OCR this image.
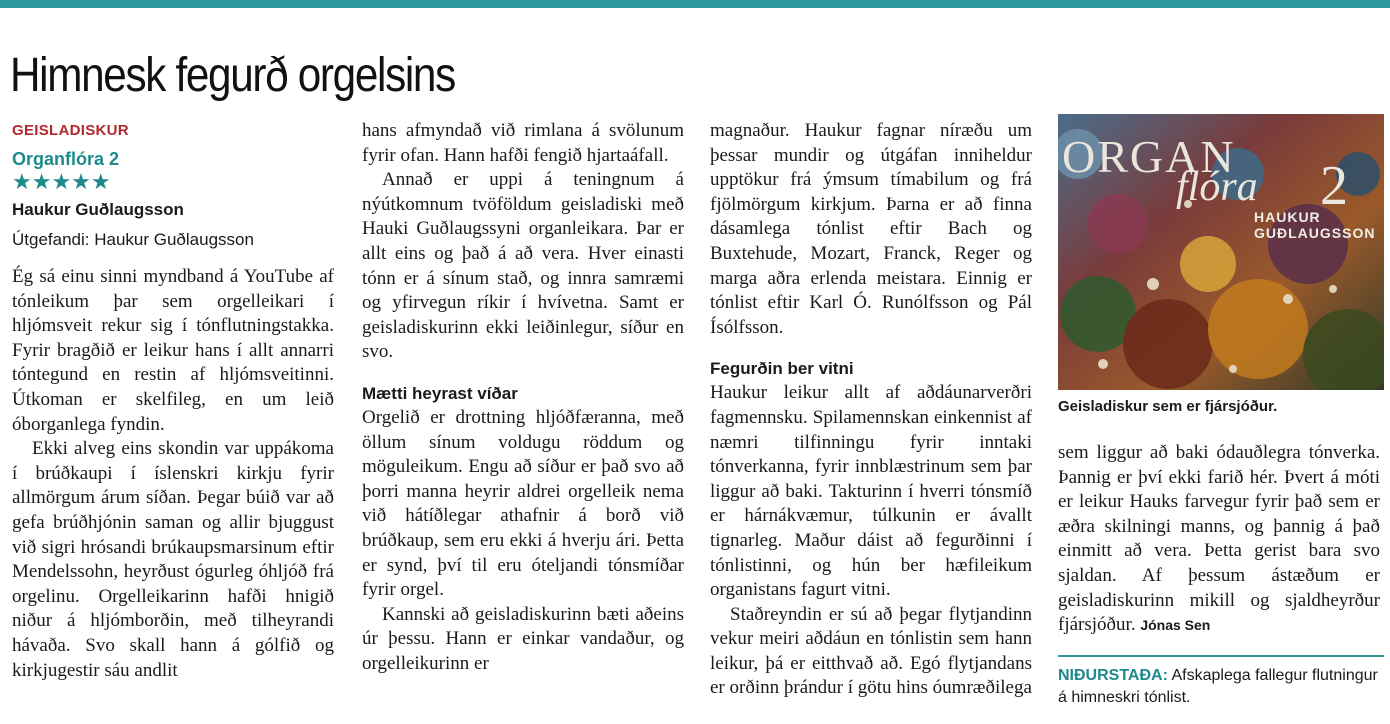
Himnesk fegurð orgelsins
GEISLADISKUR
Organflóra 2
★★★★★
Haukur Guðlaugsson
Útgefandi: Haukur Guðlaugsson

Ég sá einu sinni myndband á YouTube af tónleikum þar sem orgelleikari í hljómsveit rekur sig í tónflutningstakka. Fyrir bragðið er leikur hans í allt annarri tóntegund en restin af hljómsveitinni. Útkoman er skelfileg, en um leið óborganlega fyndin.

Ekki alveg eins skondin var uppákoma í brúðkaupi í íslenskri kirkju fyrir allmörgum árum síðan. Þegar búið var að gefa brúðhjónin saman og allir bjuggust við sigri hrósandi brúkaupsmarsinum eftir Mendelssohn, heyrðust ógurleg óhljóð frá orgelinu. Orgelleikarinn hafði hnigið niður á hljómborðin, með tilheyrandi hávaða. Svo skall hann á gólfið og kirkjugestir sáu andlit

hans afmyndað við rimlana á svölunum fyrir ofan. Hann hafði fengið hjartaáfall.

Annað er uppi á teningnum á nýútkomnum tvöföldum geisladiski með Hauki Guðlaugssyni organleikara. Þar er allt eins og það á að vera. Hver einasti tónn er á sínum stað, og innra samræmi og yfirvegun ríkir í hvívetna. Samt er geisladiskurinn ekki leiðinlegur, síður en svo.

Mætti heyrast víðar

Orgelið er drottning hljóðfæranna, með öllum sínum voldugu röddum og möguleikum. Engu að síður er það svo að þorri manna heyrir aldrei orgelleik nema við hátíðlegar athafnir á borð við brúðkaup, sem eru ekki á hverju ári. Þetta er synd, því til eru óteljandi tónsmíðar fyrir orgel.

Kannski að geisladiskurinn bæti aðeins úr þessu. Hann er einkar vandaður, og orgelleikurinn er

magnaður. Haukur fagnar níræðu um þessar mundir og útgáfan inniheldur upptökur frá ýmsum tímabilum og frá fjölmörgum kirkjum. Þarna er að finna dásamlega tónlist eftir Bach og Buxtehude, Mozart, Franck, Reger og marga aðra erlenda meistara. Einnig er tónlist eftir Karl Ó. Runólfsson og Pál Ísólfsson.

Fegurðin ber vitni

Haukur leikur allt af aðdáunarverðri fagmennsku. Spilamennskan einkennist af næmri tilfinningu fyrir inntaki tónverkanna, fyrir innblæstrinum sem þar liggur að baki. Takturinn í hverri tónsmíð er hárnákvæmur, túlkunin er ávallt tignarleg. Maður dáist að fegurðinni í tónlistinni, og hún ber hæfileikum organistans fagurt vitni.

Staðreyndin er sú að þegar flytjandinn vekur meiri aðdáun en tónlistin sem hann leikur, þá er eitthvað að. Egó flytjandans er orðinn þrándur í götu hins óumræðilega

ORGAN
flóra 2
HAUKUR
GUÐLAUGSSON
Geisladiskur sem er fjársjóður.

sem liggur að baki ódauðlegra tónverka. Þannig er því ekki farið hér. Þvert á móti er leikur Hauks farvegur fyrir það sem er æðra skilningi manns, og þannig á það einmitt að vera. Þetta gerist bara svo sjaldan. Af þessum ástæðum er geisladiskurinn mikill og sjaldheyrður fjársjóður. Jónas Sen

NIÐURSTAÐA: Afskaplega fallegur flutningur á himneskri tónlist.
